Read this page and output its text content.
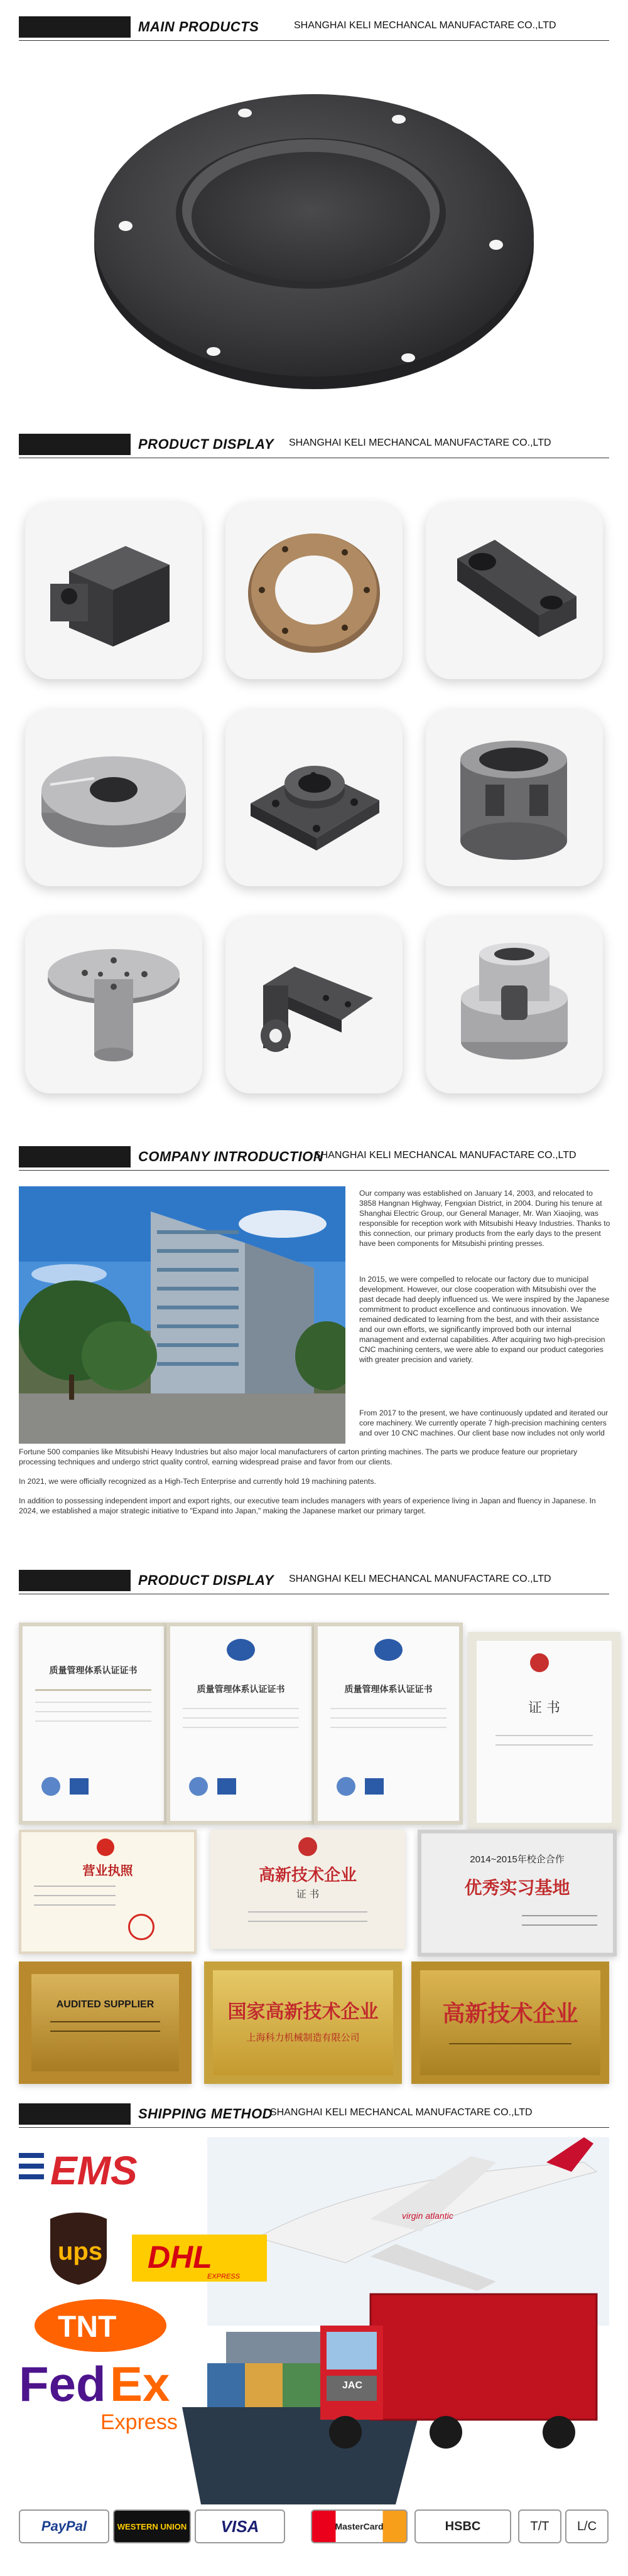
MAIN PRODUCTS	SHANGHAI KELI MECHANCAL MANUFACTARE CO.,LTD
PRODUCT DISPLAY SHANGHAI KELI MECHANCAL MANUFACTARE CO.,LTD
COMPANY INTRODUCTION
SHANGHAI KELI MECHANCAL MANUFACTARE CO.,LTD
Our company was established on January 14, 2003, and relocated to 3858 Hangnan Highway, Fengxian District, in 2004. During his tenure at Shanghai Electric Group, our General Manager, Mr. Wan Xiaojing, was responsible for reception work with Mitsubishi Heavy Industries. Thanks to this connection, our primary products from the early days to the present have been components for Mitsubishi printing presses.
In 2015, we were compelled to relocate our factory due to municipal development. However, our close cooperation with Mitsubishi over the past decade had deeply influenced us. We were inspired by the Japanese commitment to product excellence and continuous innovation. We remained dedicated to learning from the best, and with their assistance and our own efforts, we significantly improved both our internal management and external capabilities. After acquiring two high-precision CNC machining centers, we were able to expand our product categories with greater precision and variety.
From 2017 to the present, we have continuously updated and iterated our core machinery. We currently operate 7 high-precision machining centers and over 10 CNC machines. Our client base now includes not only world
Fortune 500 companies like Mitsubishi Heavy Industries but also major local manufacturers of carton printing machines. The parts we produce feature our proprietary processing techniques and undergo strict quality control, earning widespread praise and favor from our clients.
In 2021, we were officially recognized as a High-Tech Enterprise and currently hold 19 machining patents.
In addition to possessing independent import and export rights, our executive team includes managers with years of experience living in Japan and fluency in Japanese. In 2024, we established a major strategic initiative to "Expand into Japan," making the Japanese market our primary target.
PRODUCT DISPLAY SHANGHAI KELI MECHANCAL MANUFACTARE CO.,LTD
质量管理体系认证证书
质量管理体系认证证书	质量管理体系认证证书
证 书
营业执照	高新技术企业
证 书
2014~2015年校企合作
优秀实习基地
AUDITED SUPPLIER	国家高新技术企业
上海科力机械制造有限公司
高新技术企业
SHIPPING METHOD
SHANGHAI KELI MECHANCAL MANUFACTARE CO.,LTD
virgin atlantic
JAC
EMS
ups DHL
EXPRESS
TNT
Fed Ex
Express
PayPal	WESTERN UNION	VISA	MasterCard	HSBC	T/T	L/C
